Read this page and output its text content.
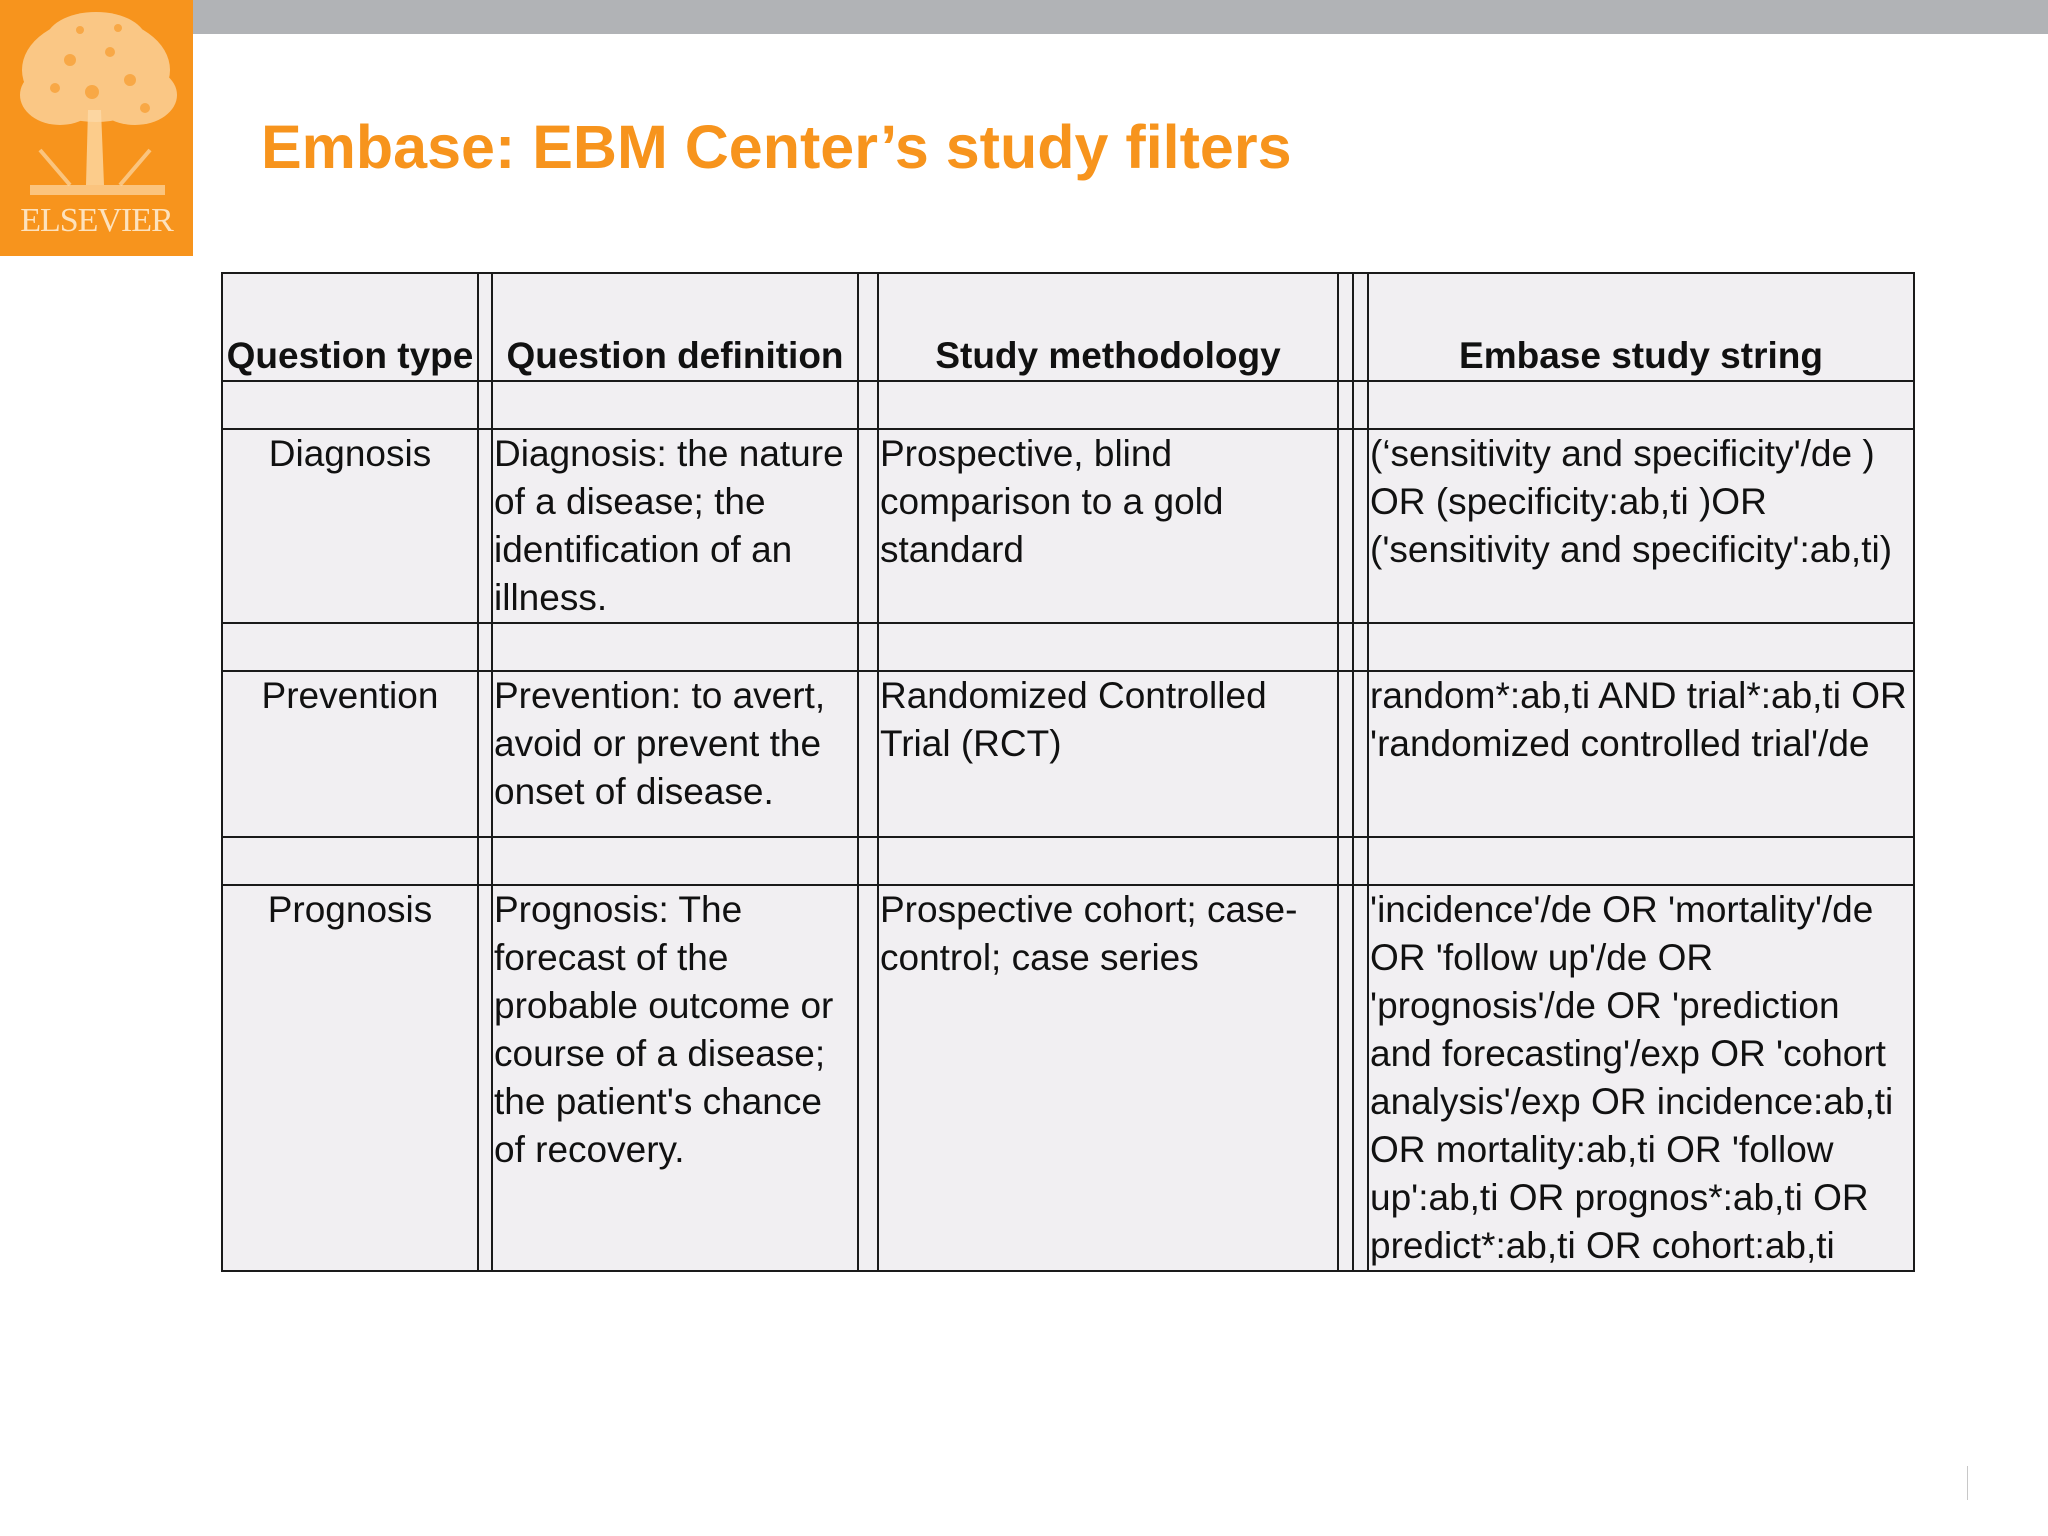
ELSEVIER
Embase: EBM Center’s study filters
Question type		Question definition		Study methodology			Embase study string

Diagnosis		Diagnosis: the nature of a disease; the identification of an illness.		Prospective, blind comparison to a gold standard			(‘sensitivity and specificity'/de ) OR (specificity:ab,ti )OR ('sensitivity and specificity':ab,ti)

Prevention		Prevention: to avert, avoid or prevent the onset of disease.		Randomized Controlled Trial (RCT)			random*:ab,ti AND trial*:ab,ti OR 'randomized controlled trial'/de

Prognosis		Prognosis: The forecast of the probable outcome or course of a disease; the patient's chance of recovery.		Prospective cohort; case-control; case series			'incidence'/de OR 'mortality'/de OR 'follow up'/de OR 'prognosis'/de OR 'prediction and forecasting'/exp OR 'cohort analysis'/exp OR incidence:ab,ti OR mortality:ab,ti OR 'follow up':ab,ti OR prognos*:ab,ti OR predict*:ab,ti OR cohort:ab,ti
